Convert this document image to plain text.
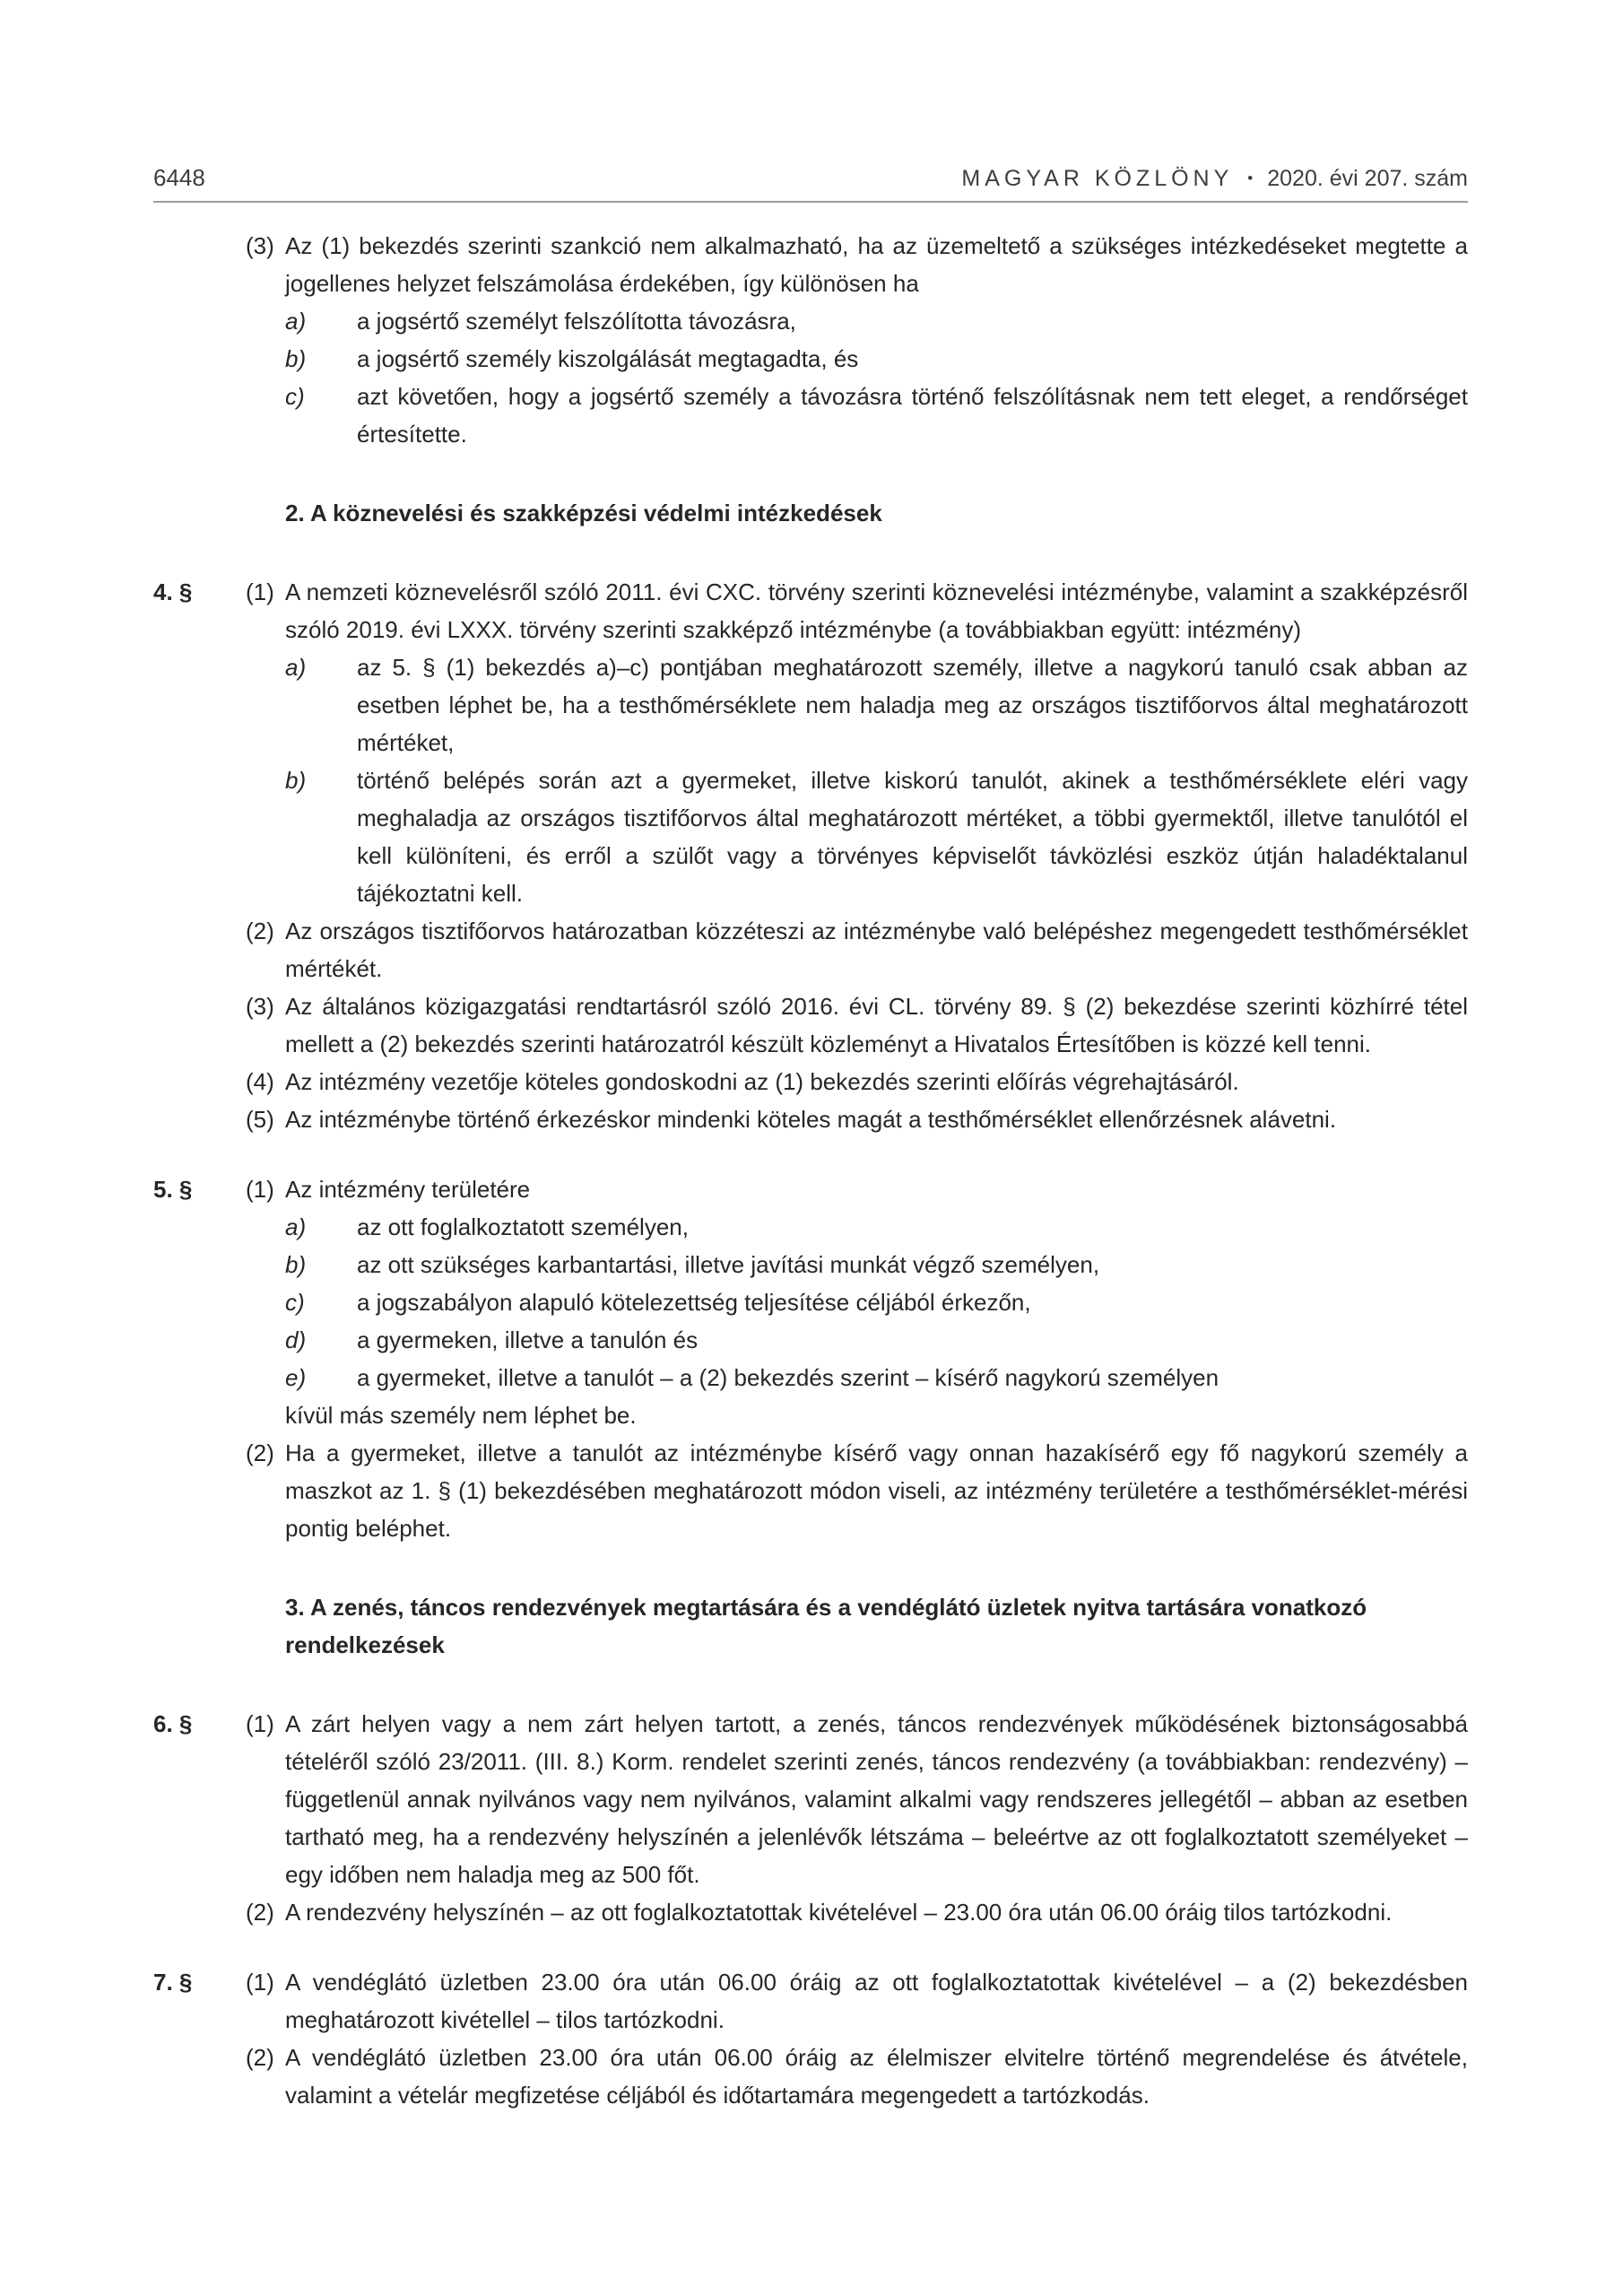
6448	MAGYAR KÖZLÖNY • 2020. évi 207. szám
(3) Az (1) bekezdés szerinti szankció nem alkalmazható, ha az üzemeltető a szükséges intézkedéseket megtette a jogellenes helyzet felszámolása érdekében, így különösen ha
a)	a jogsértő személyt felszólította távozásra,
b)	a jogsértő személy kiszolgálását megtagadta, és
c)	azt követően, hogy a jogsértő személy a távozásra történő felszólításnak nem tett eleget, a rendőrséget értesítette.
2. A köznevelési és szakképzési védelmi intézkedések
4. §	(1) A nemzeti köznevelésről szóló 2011. évi CXC. törvény szerinti köznevelési intézménybe, valamint a szakképzésről szóló 2019. évi LXXX. törvény szerinti szakképző intézménybe (a továbbiakban együtt: intézmény)
a)	az 5. § (1) bekezdés a)–c) pontjában meghatározott személy, illetve a nagykorú tanuló csak abban az esetben léphet be, ha a testhőmérséklete nem haladja meg az országos tisztifőorvos által meghatározott mértéket,
b)	történő belépés során azt a gyermeket, illetve kiskorú tanulót, akinek a testhőmérséklete eléri vagy meghaladja az országos tisztifőorvos által meghatározott mértéket, a többi gyermektől, illetve tanulótól el kell különíteni, és erről a szülőt vagy a törvényes képviselőt távközlési eszköz útján haladéktalanul tájékoztatni kell.
(2) Az országos tisztifőorvos határozatban közzéteszi az intézménybe való belépéshez megengedett testhőmérséklet mértékét.
(3) Az általános közigazgatási rendtartásról szóló 2016. évi CL. törvény 89. § (2) bekezdése szerinti közhírré tétel mellett a (2) bekezdés szerinti határozatról készült közleményt a Hivatalos Értesítőben is közzé kell tenni.
(4) Az intézmény vezetője köteles gondoskodni az (1) bekezdés szerinti előírás végrehajtásáról.
(5) Az intézménybe történő érkezéskor mindenki köteles magát a testhőmérséklet ellenőrzésnek alávetni.
5. §	(1) Az intézmény területére
a)	az ott foglalkoztatott személyen,
b)	az ott szükséges karbantartási, illetve javítási munkát végző személyen,
c)	a jogszabályon alapuló kötelezettség teljesítése céljából érkezőn,
d)	a gyermeken, illetve a tanulón és
e)	a gyermeket, illetve a tanulót – a (2) bekezdés szerint – kísérő nagykorú személyen
kívül más személy nem léphet be.
(2) Ha a gyermeket, illetve a tanulót az intézménybe kísérő vagy onnan hazakísérő egy fő nagykorú személy a maszkot az 1. § (1) bekezdésében meghatározott módon viseli, az intézmény területére a testhőmérséklet-mérési pontig beléphet.
3. A zenés, táncos rendezvények megtartására és a vendéglátó üzletek nyitva tartására vonatkozó rendelkezések
6. §	(1) A zárt helyen vagy a nem zárt helyen tartott, a zenés, táncos rendezvények működésének biztonságosabbá tételéről szóló 23/2011. (III. 8.) Korm. rendelet szerinti zenés, táncos rendezvény (a továbbiakban: rendezvény) – függetlenül annak nyilvános vagy nem nyilvános, valamint alkalmi vagy rendszeres jellegétől – abban az esetben tartható meg, ha a rendezvény helyszínén a jelenlévők létszáma – beleértve az ott foglalkoztatott személyeket – egy időben nem haladja meg az 500 főt.
(2) A rendezvény helyszínén – az ott foglalkoztatottak kivételével – 23.00 óra után 06.00 óráig tilos tartózkodni.
7. §	(1) A vendéglátó üzletben 23.00 óra után 06.00 óráig az ott foglalkoztatottak kivételével – a (2) bekezdésben meghatározott kivétellel – tilos tartózkodni.
(2) A vendéglátó üzletben 23.00 óra után 06.00 óráig az élelmiszer elvitelre történő megrendelése és átvétele, valamint a vételár megfizetése céljából és időtartamára megengedett a tartózkodás.
